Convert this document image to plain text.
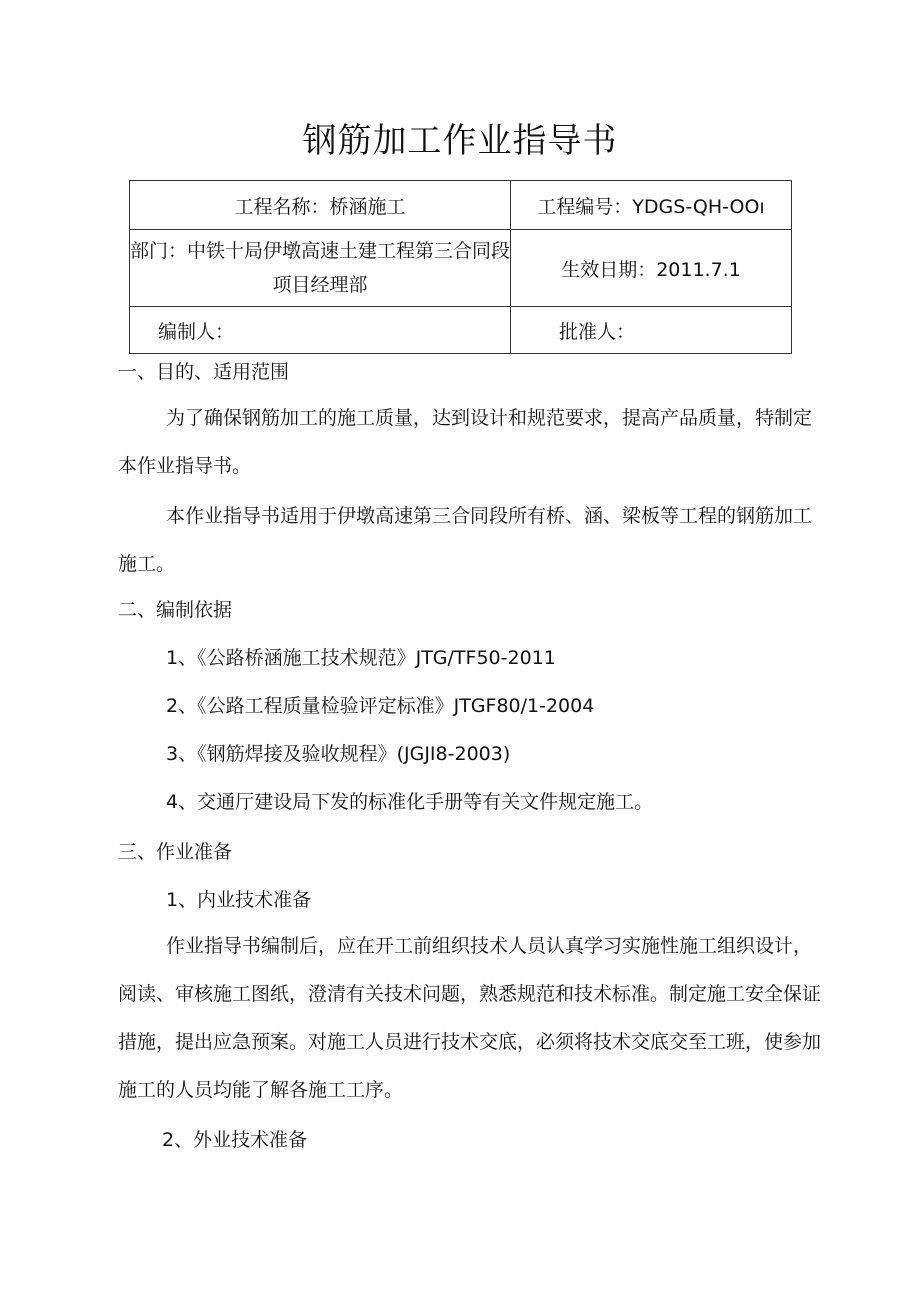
钢筋加工作业指导书
工程名称：桥涵施工	工程编号：YDGS-QH-OOı

部门：中铁十局伊墩高速土建工程第三合同段
项目经理部	生效日期：2011.7.1
编制人：	批准人：

一、目的、适用范围

为了确保钢筋加工的施工质量，达到设计和规范要求，提高产品质量，特制定
本作业指导书。
本作业指导书适用于伊墩高速第三合同段所有桥、涵、梁板等工程的钢筋加工
施工。

二、编制依据

1、《公路桥涵施工技术规范》JTG/TF50-2011

2、《公路工程质量检验评定标准》JTGF80/1-2004

3、《钢筋焊接及验收规程》(JGJI8-2003)

4、交通厅建设局下发的标准化手册等有关文件规定施工。

三、作业准备

1、内业技术准备

作业指导书编制后，应在开工前组织技术人员认真学习实施性施工组织设计，
阅读、审核施工图纸，澄清有关技术问题，熟悉规范和技术标准。制定施工安全保证
措施，提出应急预案。对施工人员进行技术交底，必须将技术交底交至工班，使参加
施工的人员均能了解各施工工序。

2、外业技术准备
